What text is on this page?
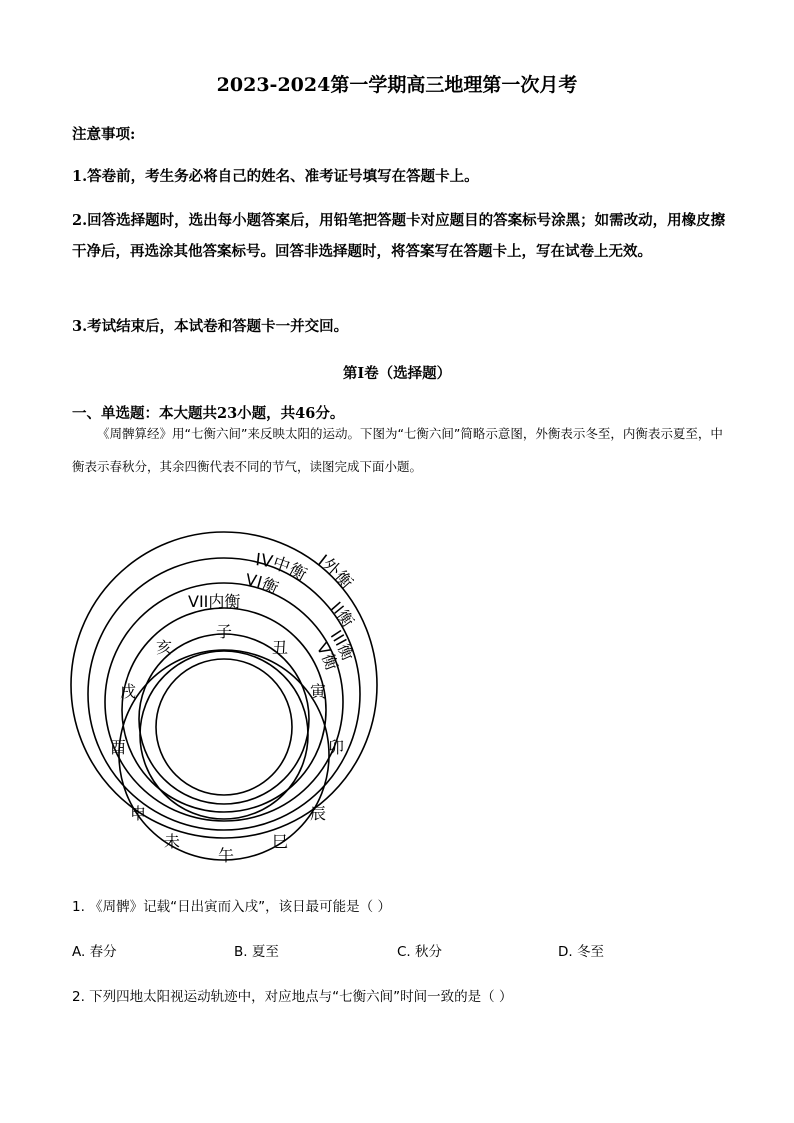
2023-2024第一学期高三地理第一次月考
注意事项:
1.答卷前，考生务必将自己的姓名、准考证号填写在答题卡上。
2.回答选择题时，选出每小题答案后，用铅笔把答题卡对应题目的答案标号涂黑；如需改动，用橡皮擦干净后，再选涂其他答案标号。回答非选择题时，将答案写在答题卡上，写在试卷上无效。
3.考试结束后，本试卷和答题卡一并交回。
第I卷（选择题）
一、单选题：本大题共23小题，共46分。
《周髀算经》用“七衡六间”来反映太阳的运动。下图为“七衡六间”简略示意图，外衡表示冬至，内衡表示夏至，中衡表示春秋分，其余四衡代表不同的节气，读图完成下面小题。
I外衡
II衡
III衡
IV中衡
V衡
VI衡
VII内衡
子
丑
寅
卯
辰
巳
午
未
申
酉
戌
亥
1. 《周髀》记载“日出寅而入戌”，该日最可能是（ ）
A. 春分	B. 夏至	C. 秋分	D. 冬至
2. 下列四地太阳视运动轨迹中，对应地点与“七衡六间”时间一致的是（ ）
